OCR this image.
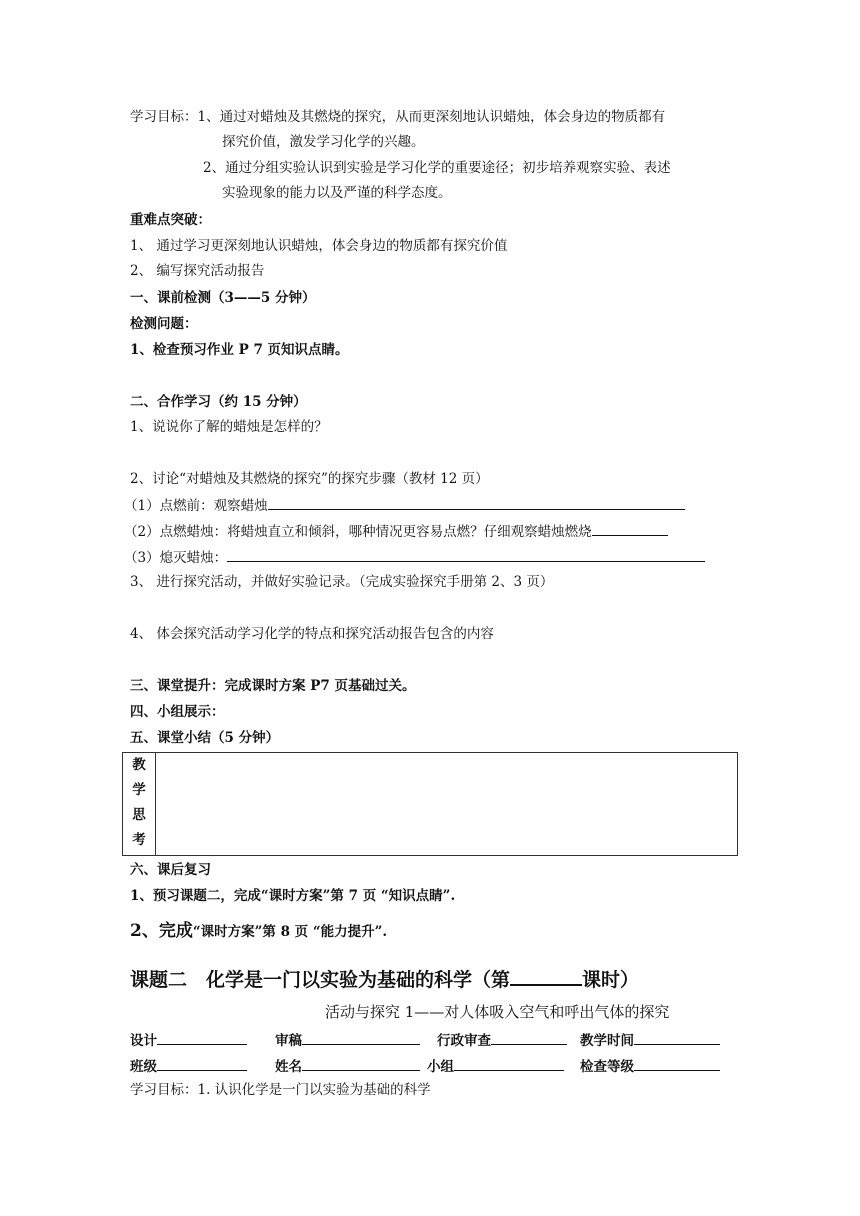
学习目标：1、通过对蜡烛及其燃烧的探究，从而更深刻地认识蜡烛，体会身边的物质都有
探究价值，激发学习化学的兴趣。
2、通过分组实验认识到实验是学习化学的重要途径；初步培养观察实验、表述
实验现象的能力以及严谨的科学态度。
重难点突破：
1、 通过学习更深刻地认识蜡烛，体会身边的物质都有探究价值
2、 编写探究活动报告
一、课前检测（3——5 分钟）
检测问题：
1、检查预习作业 P 7 页知识点睛。
二、合作学习（约 15 分钟）
1、说说你了解的蜡烛是怎样的？
2、讨论“对蜡烛及其燃烧的探究”的探究步骤（教材 12 页）
（1）点燃前：观察蜡烛
（2）点燃蜡烛：将蜡烛直立和倾斜，哪种情况更容易点燃？仔细观察蜡烛燃烧
（3）熄灭蜡烛：
3、 进行探究活动，并做好实验记录。（完成实验探究手册第 2、3 页）
4、 体会探究活动学习化学的特点和探究活动报告包含的内容
三、课堂提升：完成课时方案 P7 页基础过关。
四、小组展示：
五、课堂小结（5 分钟）
教
学
思
考

六、课后复习
1、预习课题二，完成“课时方案”第 7 页 “知识点睛”.
2、完成“课时方案”第 8 页 “能力提升”.
课题二　化学是一门以实验为基础的科学（第	课时）
活动与探究 1——对人体吸入空气和呼出气体的探究
设计	审稿	行政审查	教学时间
班级	姓名	小组	检查等级
学习目标：1. 认识化学是一门以实验为基础的科学
